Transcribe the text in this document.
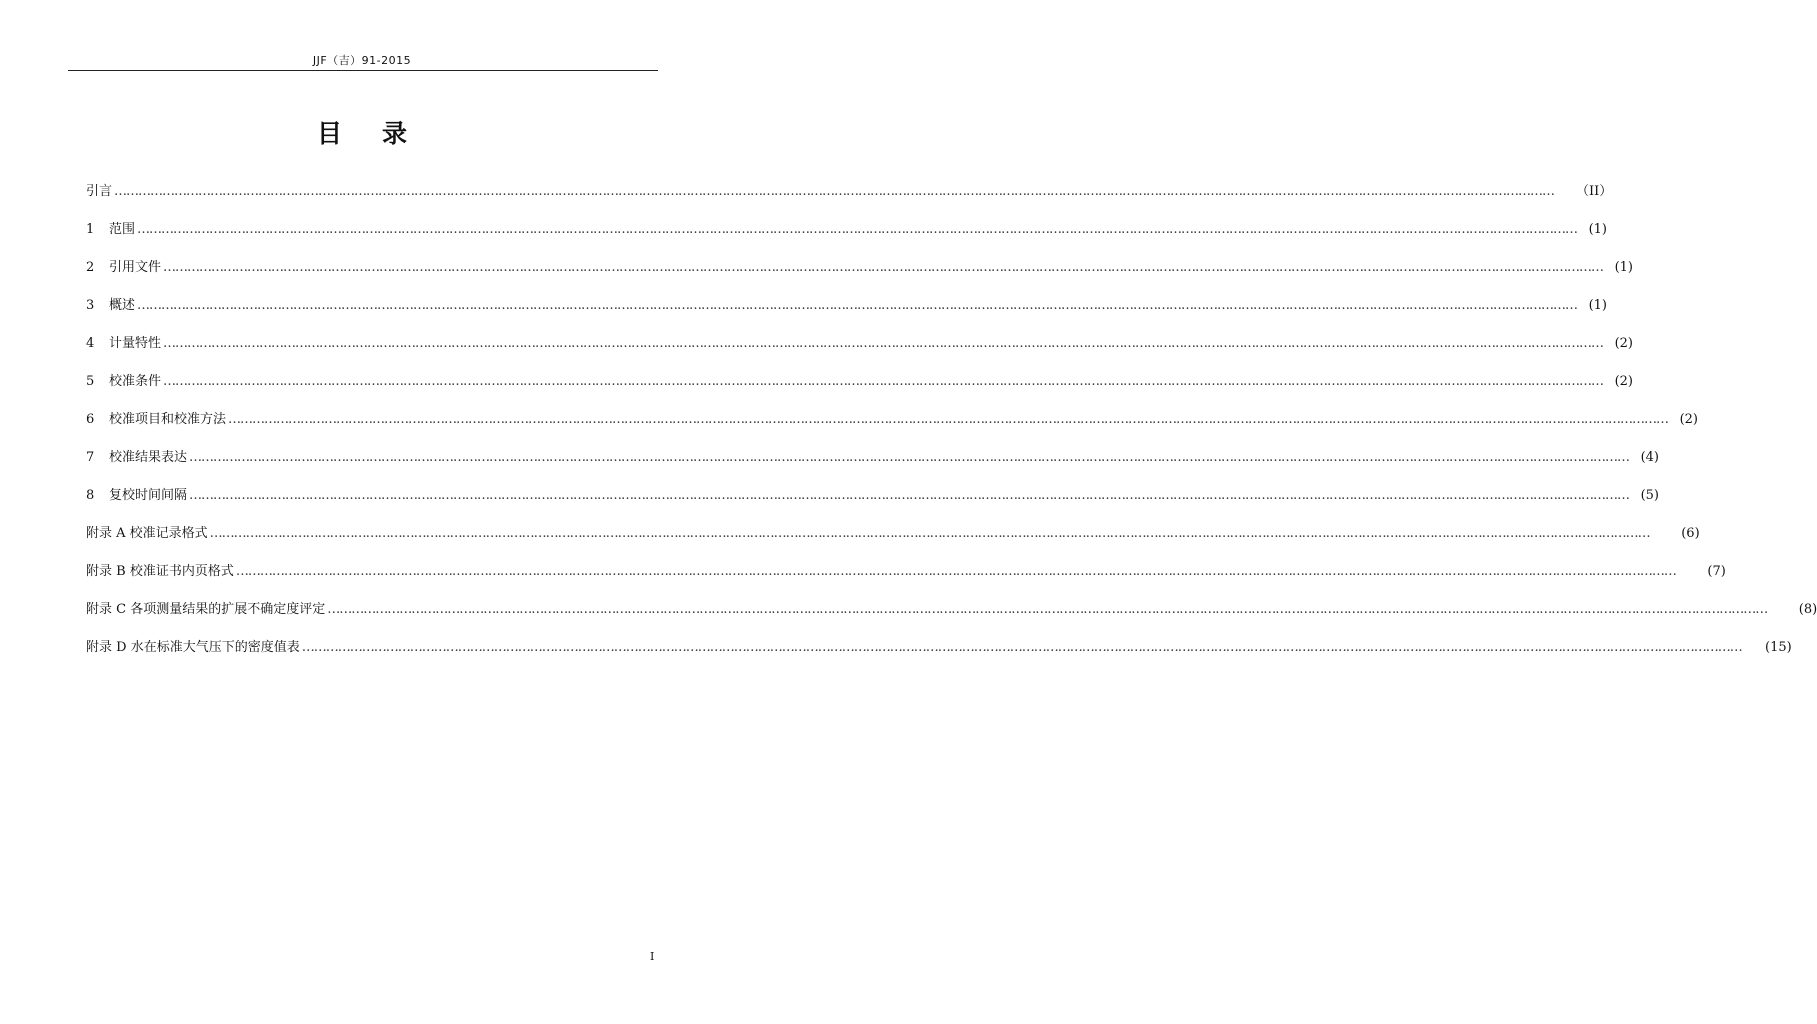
JJF（吉）91-2015
目录
引言 ……………………………………………………………………………………………………………………………………………………………………………………………………………………………………………………………………………………………………………………………… （II）
1	范围 ……………………………………………………………………………………………………………………………………………………………………………………………………………………………………………………………………………………………………………………………… (1)
2	引用文件 ……………………………………………………………………………………………………………………………………………………………………………………………………………………………………………………………………………………………………………………………… (1)
3	概述 ……………………………………………………………………………………………………………………………………………………………………………………………………………………………………………………………………………………………………………………………… (1)
4	计量特性 ……………………………………………………………………………………………………………………………………………………………………………………………………………………………………………………………………………………………………………………………… (2)
5	校准条件 ……………………………………………………………………………………………………………………………………………………………………………………………………………………………………………………………………………………………………………………………… (2)
6	校准项目和校准方法 ……………………………………………………………………………………………………………………………………………………………………………………………………………………………………………………………………………………………………………………………… (2)
7	校准结果表达 ……………………………………………………………………………………………………………………………………………………………………………………………………………………………………………………………………………………………………………………………… (4)
8	复校时间间隔 ……………………………………………………………………………………………………………………………………………………………………………………………………………………………………………………………………………………………………………………………… (5)
附录 A 校准记录格式 ………………………………………………………………………………………………………………………………………………………………………………………………………………………………………………………………………………………………………………………………	(6)
附录 B 校准证书内页格式 ………………………………………………………………………………………………………………………………………………………………………………………………………………………………………………………………………………………………………………………………	(7)
附录 C 各项测量结果的扩展不确定度评定 ………………………………………………………………………………………………………………………………………………………………………………………………………………………………………………………………………………………………………………………………	(8)
附录 D 水在标准大气压下的密度值表 ……………………………………………………………………………………………………………………………………………………………………………………………………………………………………………………………………………………………………………………………… (15)
I
